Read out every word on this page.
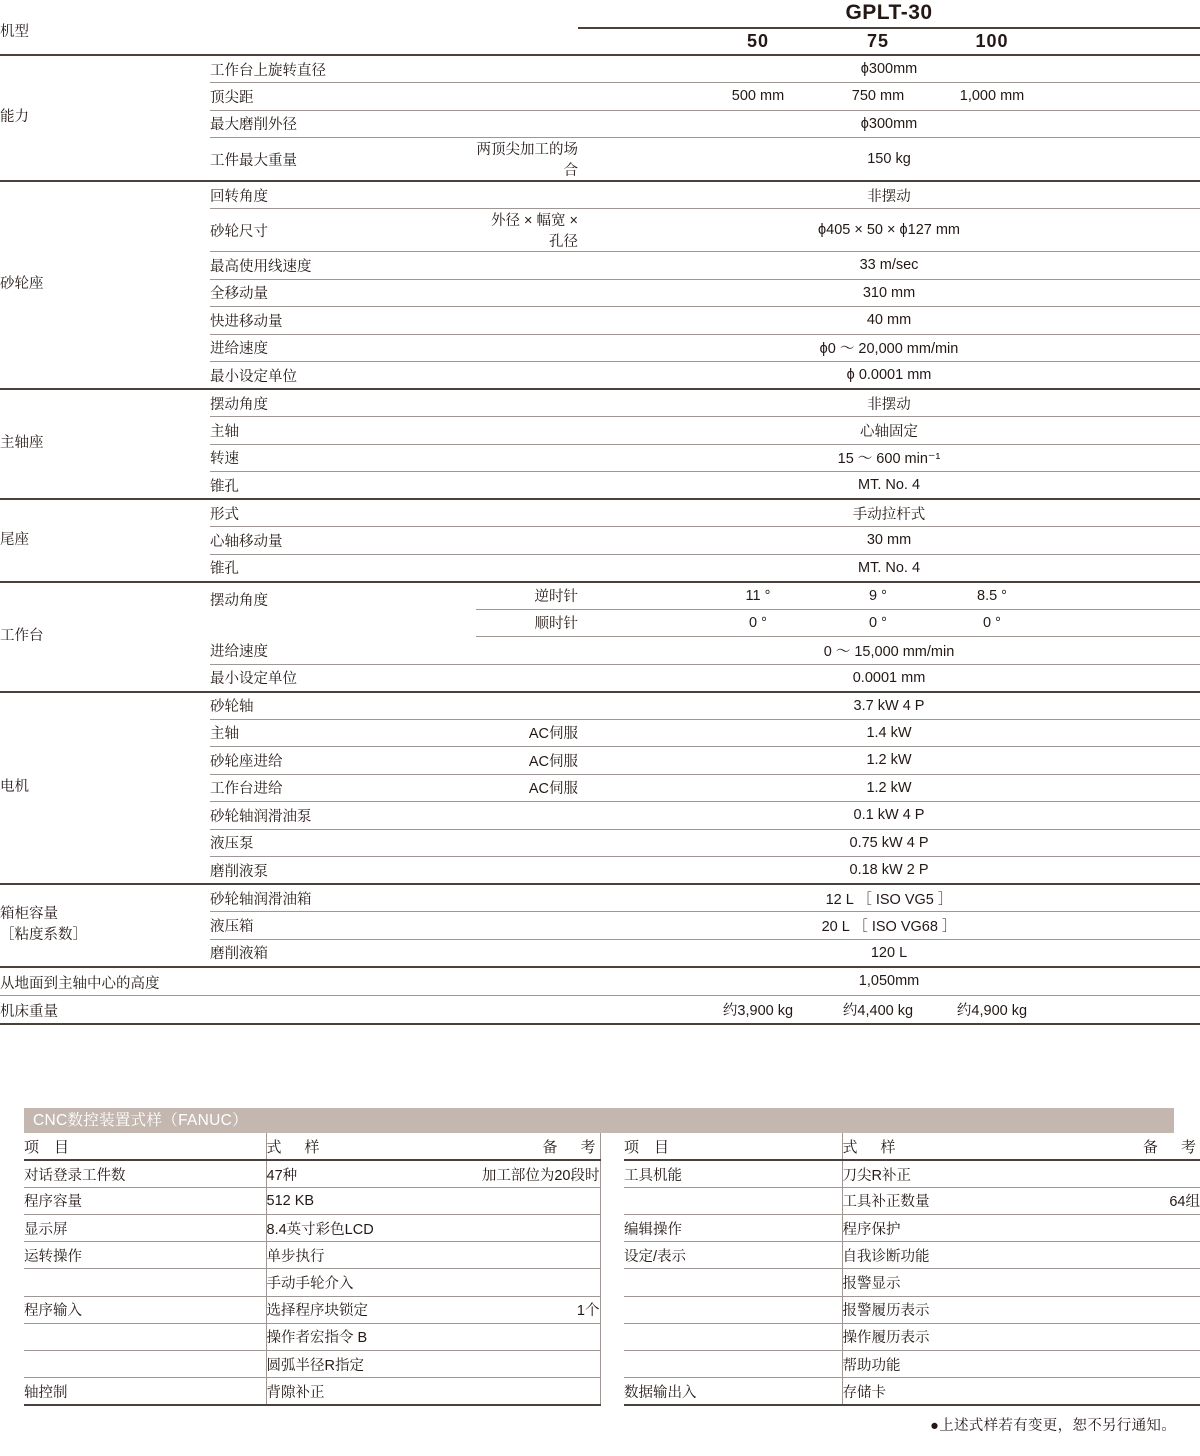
机型			GPLT-30				
				50	75	100	
能力	工作台上旋转直径		ϕ300mm				
	顶尖距			500 mm	750 mm	1,000 mm	
	最大磨削外径		ϕ300mm				
	工件最大重量	两顶尖加工的场合	150 kg				
砂轮座	回转角度		非摆动				
	砂轮尺寸	外径 × 幅宽 × 孔径	ϕ405 × 50 × ϕ127 mm				
	最高使用线速度		33 m/sec				
	全移动量		310 mm				
	快进移动量		40 mm				
	进给速度		ϕ0 〜 20,000 mm/min				
	最小设定单位		ϕ 0.0001 mm				
主轴座	摆动角度		非摆动				
	主轴		心轴固定				
	转速		15 〜 600 min⁻¹				
	锥孔		MT. No. 4				
尾座	形式		手动拉杆式				
	心轴移动量		30 mm				
	锥孔		MT. No. 4				
工作台	摆动角度	逆时针		11 °	9 °	8.5 °	
		顺时针		0 °	0 °	0 °	
	进给速度		0 〜 15,000 mm/min				
	最小设定单位		0.0001 mm				
电机	砂轮轴		3.7 kW 4 P				
	主轴	AC伺服	1.4 kW				
	砂轮座进给	AC伺服	1.2 kW				
	工作台进给	AC伺服	1.2 kW				
	砂轮轴润滑油泵		0.1 kW 4 P				
	液压泵		0.75 kW 4 P				
	磨削液泵		0.18 kW 2 P				
箱柜容量
［粘度系数］	砂轮轴润滑油箱		12 L ［ ISO VG5 ］				
	液压箱		20 L ［ ISO VG68 ］				
	磨削液箱		120 L				
从地面到主轴中心的高度			1,050mm				
机床重量				约3,900 kg	约4,400 kg	约4,900 kg	
CNC数控装置式样（FANUC）
	项　目	式　样	备　考		项　目	式　样	备　考
	对话登录工件数	47种	加工部位为20段时		工具机能	刀尖R补正	
	程序容量	512 KB				工具补正数量	64组
	显示屏	8.4英寸彩色LCD			编辑操作	程序保护	
	运转操作	单步执行			设定/表示	自我诊断功能	
		手动手轮介入				报警显示	
	程序输入	选择程序块锁定	1个			报警履历表示	
		操作者宏指令 B				操作履历表示	
		圆弧半径R指定				帮助功能	
	轴控制	背隙补正			数据输出入	存储卡	
●上述式样若有变更，恕不另行通知。
